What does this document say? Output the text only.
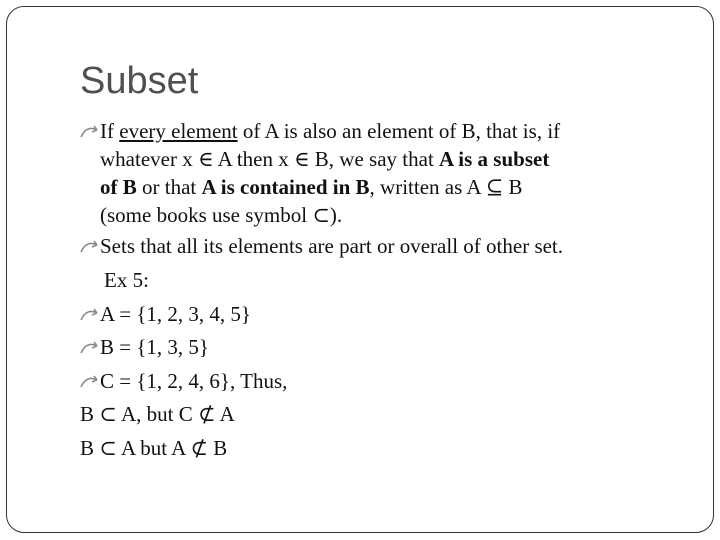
Subset
If every element of A is also an element of B, that is, if
whatever x ∈ A then x ∈ B, we say that A is a subset
of B or that A is contained in B, written as A ⊆ B
(some books use symbol ⊂).
Sets that all its elements are part or overall of other set.
Ex 5:
A = {1, 2, 3, 4, 5}
B = {1, 3, 5}
C = {1, 2, 4, 6}, Thus,
B ⊂ A, but C ⊄ A
B ⊂ A but A ⊄ B
